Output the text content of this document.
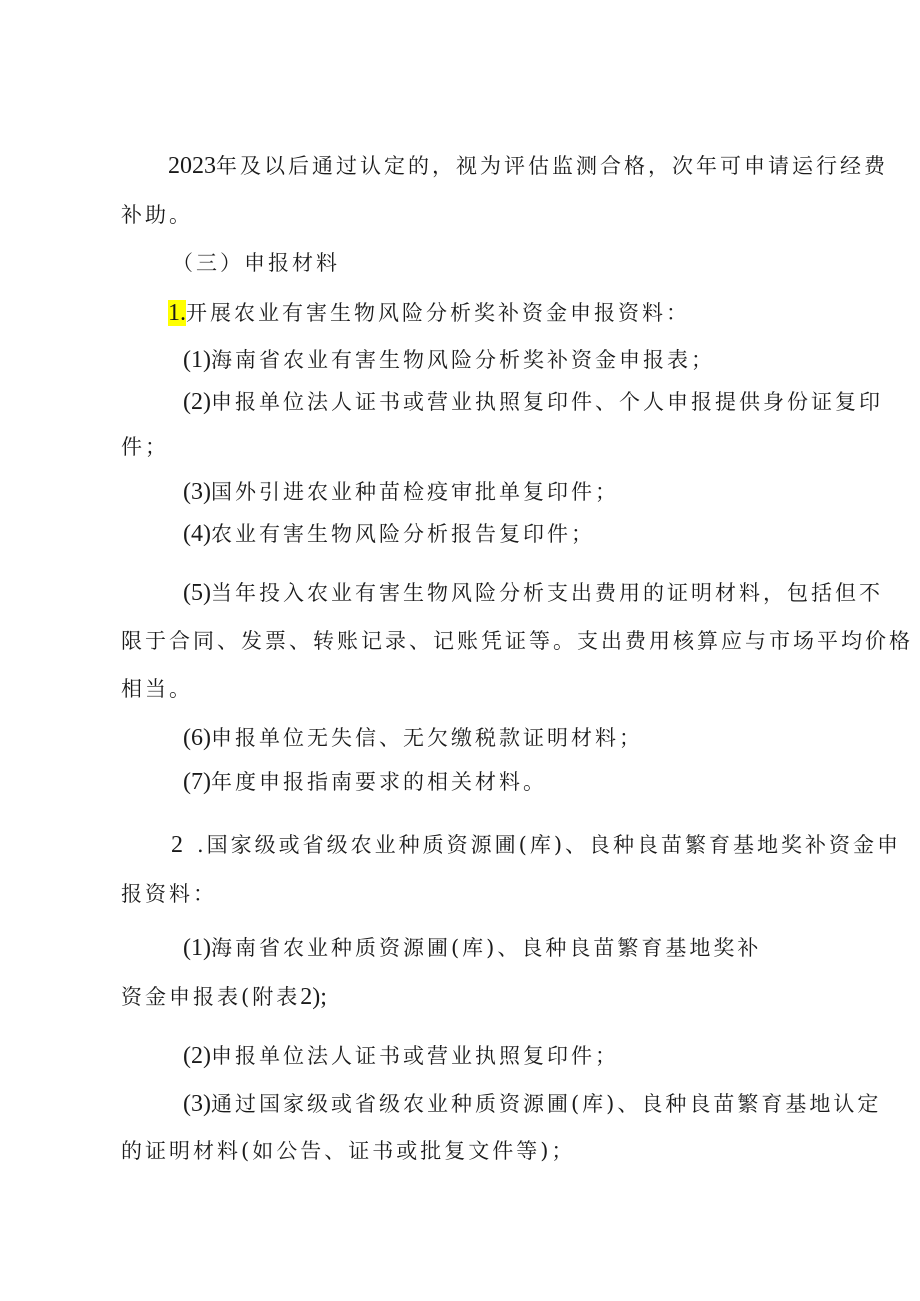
2023年及以后通过认定的，视为评估监测合格，次年可申请运行经费
补助。
（三）申报材料
1.开展农业有害生物风险分析奖补资金申报资料：
(1)海南省农业有害生物风险分析奖补资金申报表；
(2)申报单位法人证书或营业执照复印件、个人申报提供身份证复印
件；
(3)国外引进农业种苗检疫审批单复印件；
(4)农业有害生物风险分析报告复印件；
(5)当年投入农业有害生物风险分析支出费用的证明材料，包括但不
限于合同、发票、转账记录、记账凭证等。支出费用核算应与市场平均价格
相当。
(6)申报单位无失信、无欠缴税款证明材料；
(7)年度申报指南要求的相关材料。
2 .国家级或省级农业种质资源圃(库)、良种良苗繁育基地奖补资金申
报资料：
(1)海南省农业种质资源圃(库)、良种良苗繁育基地奖补
资金申报表(附表2);
(2)申报单位法人证书或营业执照复印件；
(3)通过国家级或省级农业种质资源圃(库)、良种良苗繁育基地认定
的证明材料(如公告、证书或批复文件等)；
